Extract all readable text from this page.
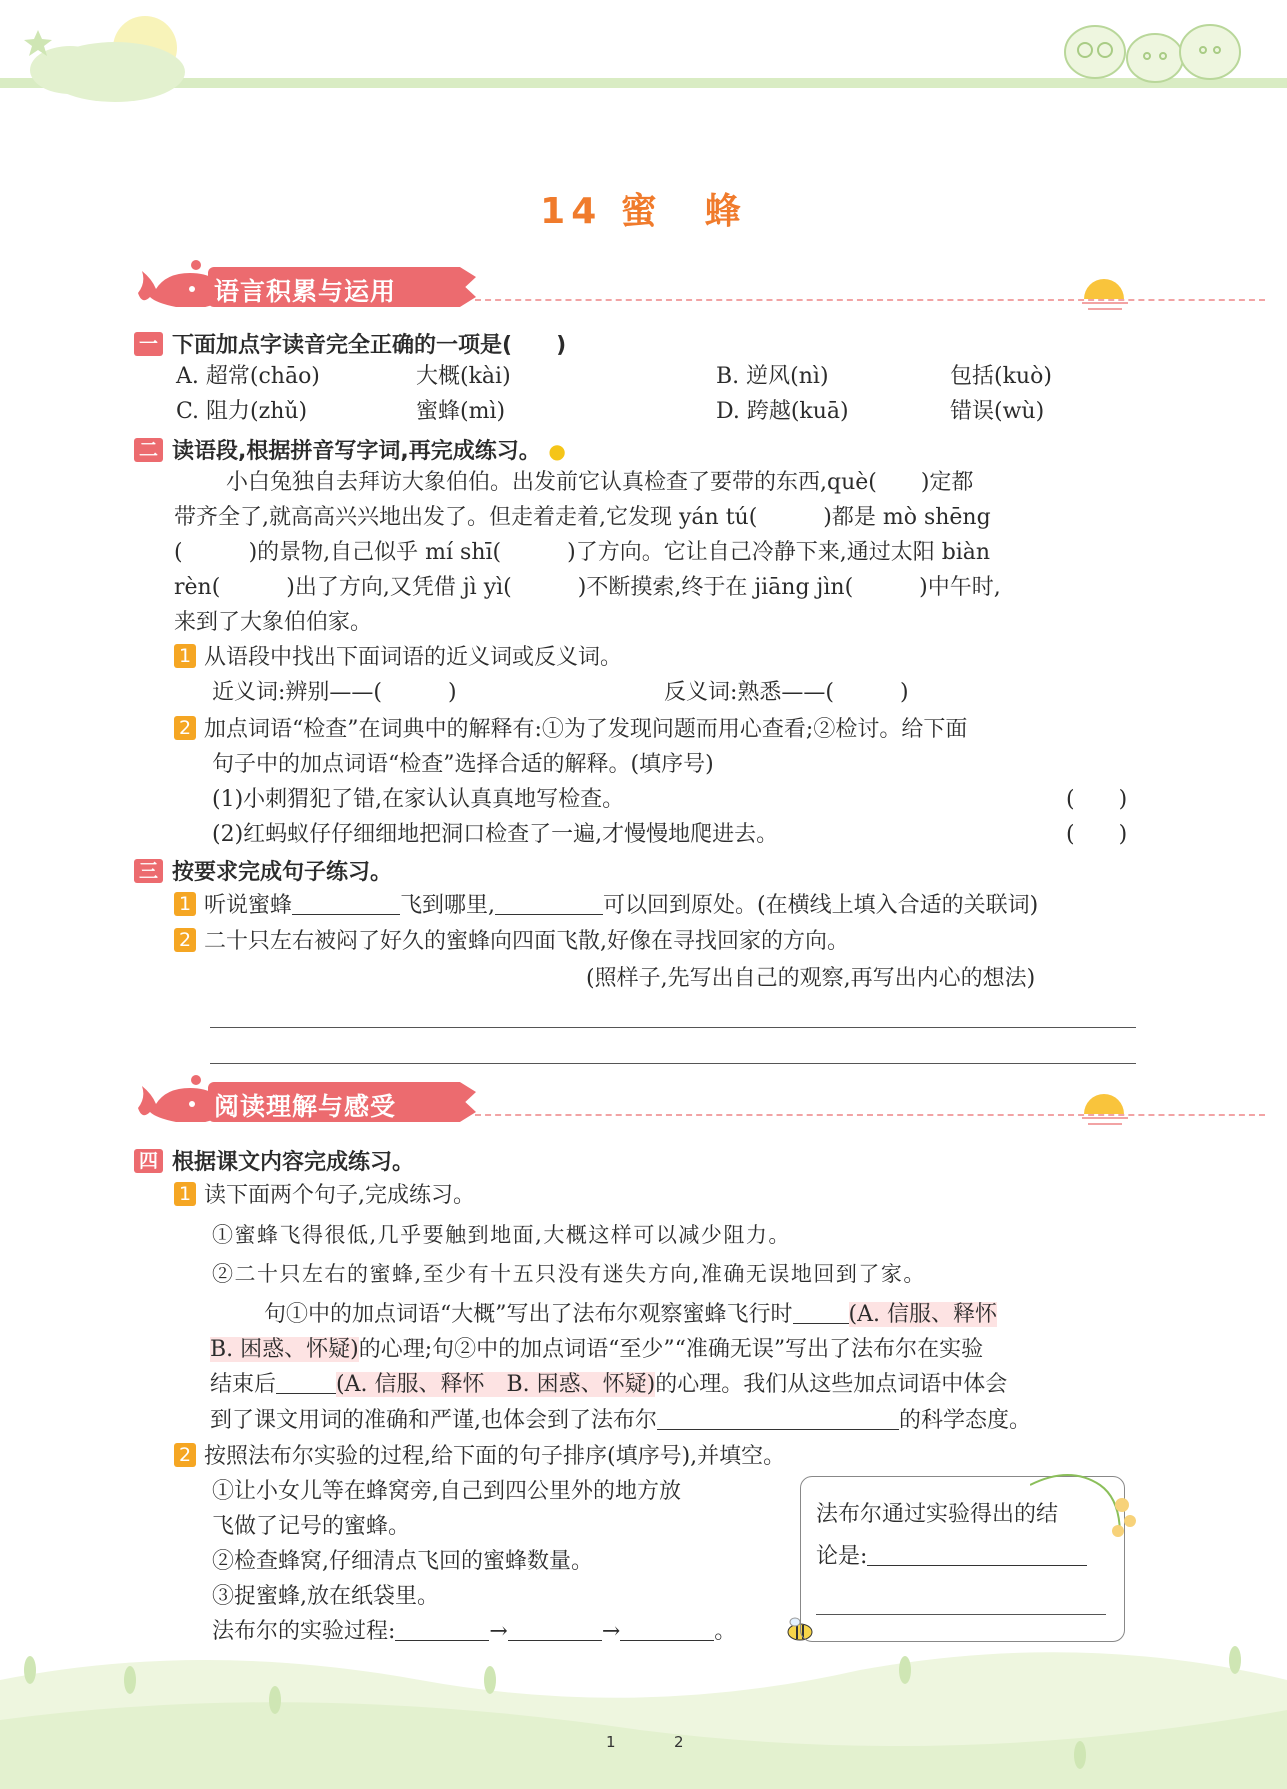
14 蜜　蜂
语言积累与运用
一 下面加点字读音完全正确的一项是(　　)
A. 超常(chāo)	大概(kài)	B. 逆风(nì)	包括(kuò)
C. 阻力(zhǔ)	蜜蜂(mì)	D. 跨越(kuā)	错误(wù)
二 读语段,根据拼音写字词,再完成练习。 ●
小白兔独自去拜访大象伯伯。出发前它认真检查了要带的东西,què(　　)定都
带齐全了,就高高兴兴地出发了。但走着走着,它发现 yán tú(　　　)都是 mò shēng
(　　　)的景物,自己似乎 mí shī(　　　)了方向。它让自己冷静下来,通过太阳 biàn
rèn(　　　)出了方向,又凭借 jì yì(　　　)不断摸索,终于在 jiāng jìn(　　　)中午时,
来到了大象伯伯家。
1 从语段中找出下面词语的近义词或反义词。
近义词:辨别——(　　　)	反义词:熟悉——(　　　)
2 加点词语“检查”在词典中的解释有:①为了发现问题而用心查看;②检讨。给下面
句子中的加点词语“检查”选择合适的解释。(填序号)
(1)小刺猬犯了错,在家认认真真地写检查。	(　　)
(2)红蚂蚁仔仔细细地把洞口检查了一遍,才慢慢地爬进去。	(　　)
三 按要求完成句子练习。
1 听说蜜蜂	飞到哪里,	可以回到原处。(在横线上填入合适的关联词)
2 二十只左右被闷了好久的蜜蜂向四面飞散,好像在寻找回家的方向。
(照样子,先写出自己的观察,再写出内心的想法)
阅读理解与感受
四 根据课文内容完成练习。
1 读下面两个句子,完成练习。
①蜜蜂飞得很低,几乎要触到地面,大概这样可以减少阻力。
②二十只左右的蜜蜂,至少有十五只没有迷失方向,准确无误地回到了家。
句①中的加点词语“大概”写出了法布尔观察蜜蜂飞行时	(A. 信服、释怀
B. 困惑、怀疑)的心理;句②中的加点词语“至少”“准确无误”写出了法布尔在实验
结束后	(A. 信服、释怀　B. 困惑、怀疑)的心理。我们从这些加点词语中体会
到了课文用词的准确和严谨,也体会到了法布尔	的科学态度。
2 按照法布尔实验的过程,给下面的句子排序(填序号),并填空。
①让小女儿等在蜂窝旁,自己到四公里外的地方放
飞做了记号的蜜蜂。
②检查蜂窝,仔细清点飞回的蜜蜂数量。
③捉蜜蜂,放在纸袋里。
法布尔的实验过程:	→	→	。
法布尔通过实验得出的结
论是:
1	2
